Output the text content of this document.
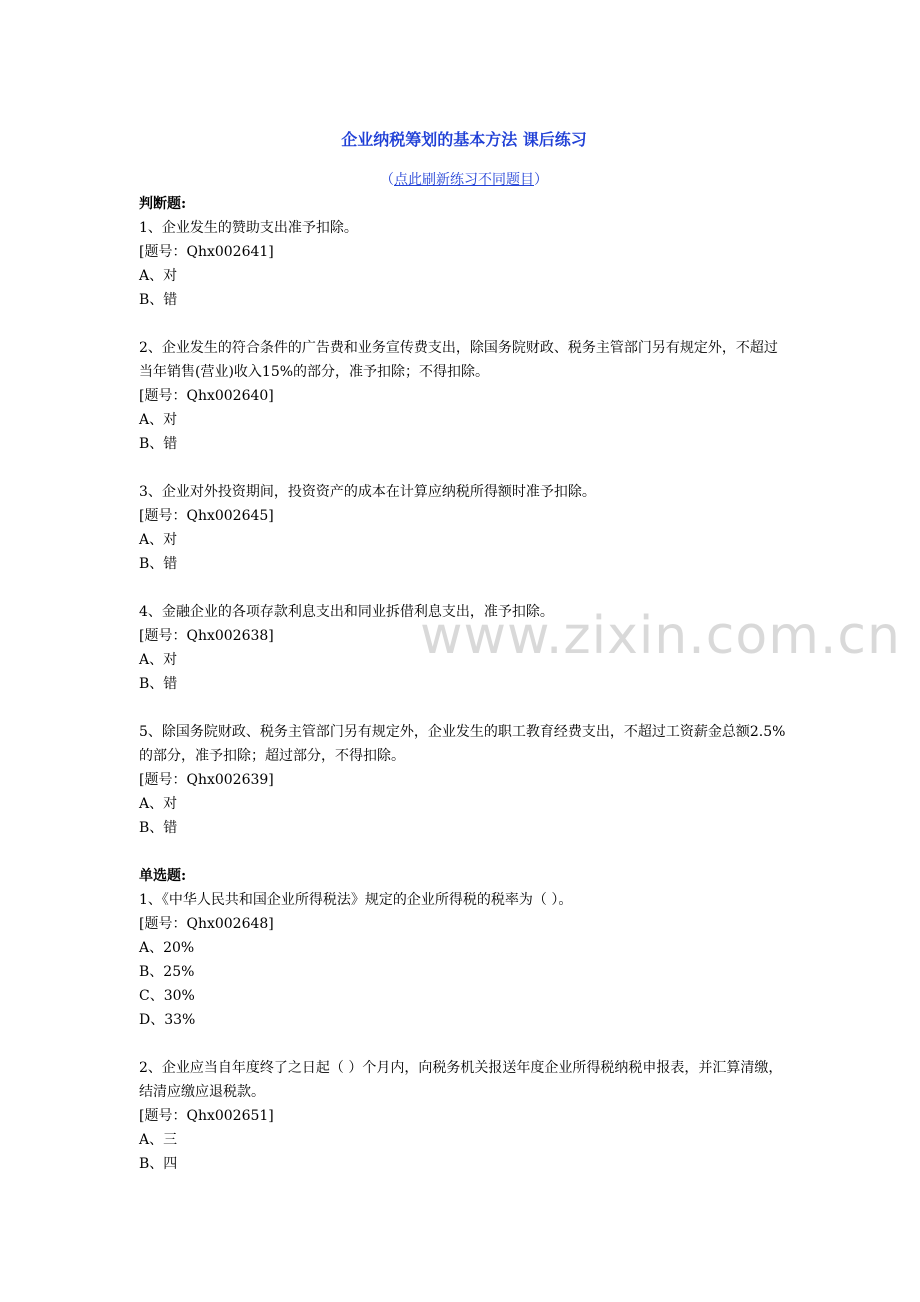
www.zixin.com.cn
企业纳税筹划的基本方法 课后练习
（点此刷新练习不同题目）
判断题:
1、企业发生的赞助支出准予扣除。
[题号：Qhx002641]
A、对
B、错
2、企业发生的符合条件的广告费和业务宣传费支出，除国务院财政、税务主管部门另有规定外，不超过当年销售(营业)收入15%的部分，准予扣除；不得扣除。
[题号：Qhx002640]
A、对
B、错
3、企业对外投资期间，投资资产的成本在计算应纳税所得额时准予扣除。
[题号：Qhx002645]
A、对
B、错
4、金融企业的各项存款利息支出和同业拆借利息支出，准予扣除。
[题号：Qhx002638]
A、对
B、错
5、除国务院财政、税务主管部门另有规定外，企业发生的职工教育经费支出，不超过工资薪金总额2.5%的部分，准予扣除；超过部分，不得扣除。
[题号：Qhx002639]
A、对
B、错
单选题:
1、《中华人民共和国企业所得税法》规定的企业所得税的税率为（ ）。
[题号：Qhx002648]
A、20%
B、25%
C、30%
D、33%
2、企业应当自年度终了之日起（ ）个月内，向税务机关报送年度企业所得税纳税申报表，并汇算清缴，结清应缴应退税款。
[题号：Qhx002651]
A、三
B、四
